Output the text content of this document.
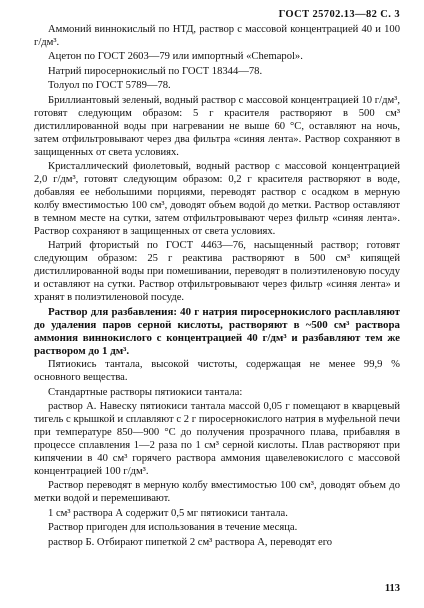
ГОСТ 25702.13—82 С. 3

Аммоний виннокислый по НТД, раствор с массовой концентрацией 40 и 100 г/дм³.

Ацетон по ГОСТ 2603—79 или импортный «Chemapol».

Натрий пиросернокислый по ГОСТ 18344—78.

Толуол по ГОСТ 5789—78.

Бриллиантовый зеленый, водный раствор с массовой концентрацией 10 г/дм³, готовят следующим образом: 5 г красителя растворяют в 500 см³ дистиллированной воды при нагревании не выше 60 °С, оставляют на ночь, затем отфильтровывают через два фильтра «синяя лента». Раствор сохраняют в защищенных от света условиях.

Кристаллический фиолетовый, водный раствор с массовой концентрацией 2,0 г/дм³, готовят следующим образом: 0,2 г красителя растворяют в воде, добавляя ее небольшими порциями, переводят раствор с осадком в мерную колбу вместимостью 100 см³, доводят объем водой до метки. Раствор оставляют в темном месте на сутки, затем отфильтровывают через фильтр «синяя лента». Раствор сохраняют в защищенных от света условиях.

Натрий фтористый по ГОСТ 4463—76, насыщенный раствор; готовят следующим образом: 25 г реактива растворяют в 500 см³ кипящей дистиллированной воды при помешивании, переводят в полиэтиленовую посуду и оставляют на сутки. Раствор отфильтровывают через фильтр «синяя лента» и хранят в полиэтиленовой посуде.

Раствор для разбавления: 40 г натрия пиросернокислого расплавляют до удаления паров серной кислоты, растворяют в ~500 см³ раствора аммония виннокислого с концентрацией 40 г/дм³ и разбавляют тем же раствором до 1 дм³.

Пятиокись тантала, высокой чистоты, содержащая не менее 99,9 % основного вещества.

Стандартные растворы пятиокиси тантала:

раствор А. Навеску пятиокиси тантала массой 0,05 г помещают в кварцевый тигель с крышкой и сплавляют с 2 г пиросернокислого натрия в муфельной печи при температуре 850—900 °С до получения прозрачного плава, прибавляя в процессе сплавления 1—2 раза по 1 см³ серной кислоты. Плав растворяют при кипячении в 40 см³ горячего раствора аммония щавелевокислого с массовой концентрацией 100 г/дм³.

Раствор переводят в мерную колбу вместимостью 100 см³, доводят объем до метки водой и перемешивают.

1 см³ раствора А содержит 0,5 мг пятиокиси тантала.

Раствор пригоден для использования в течение месяца.

раствор Б. Отбирают пипеткой 2 см³ раствора А, переводят его

113
